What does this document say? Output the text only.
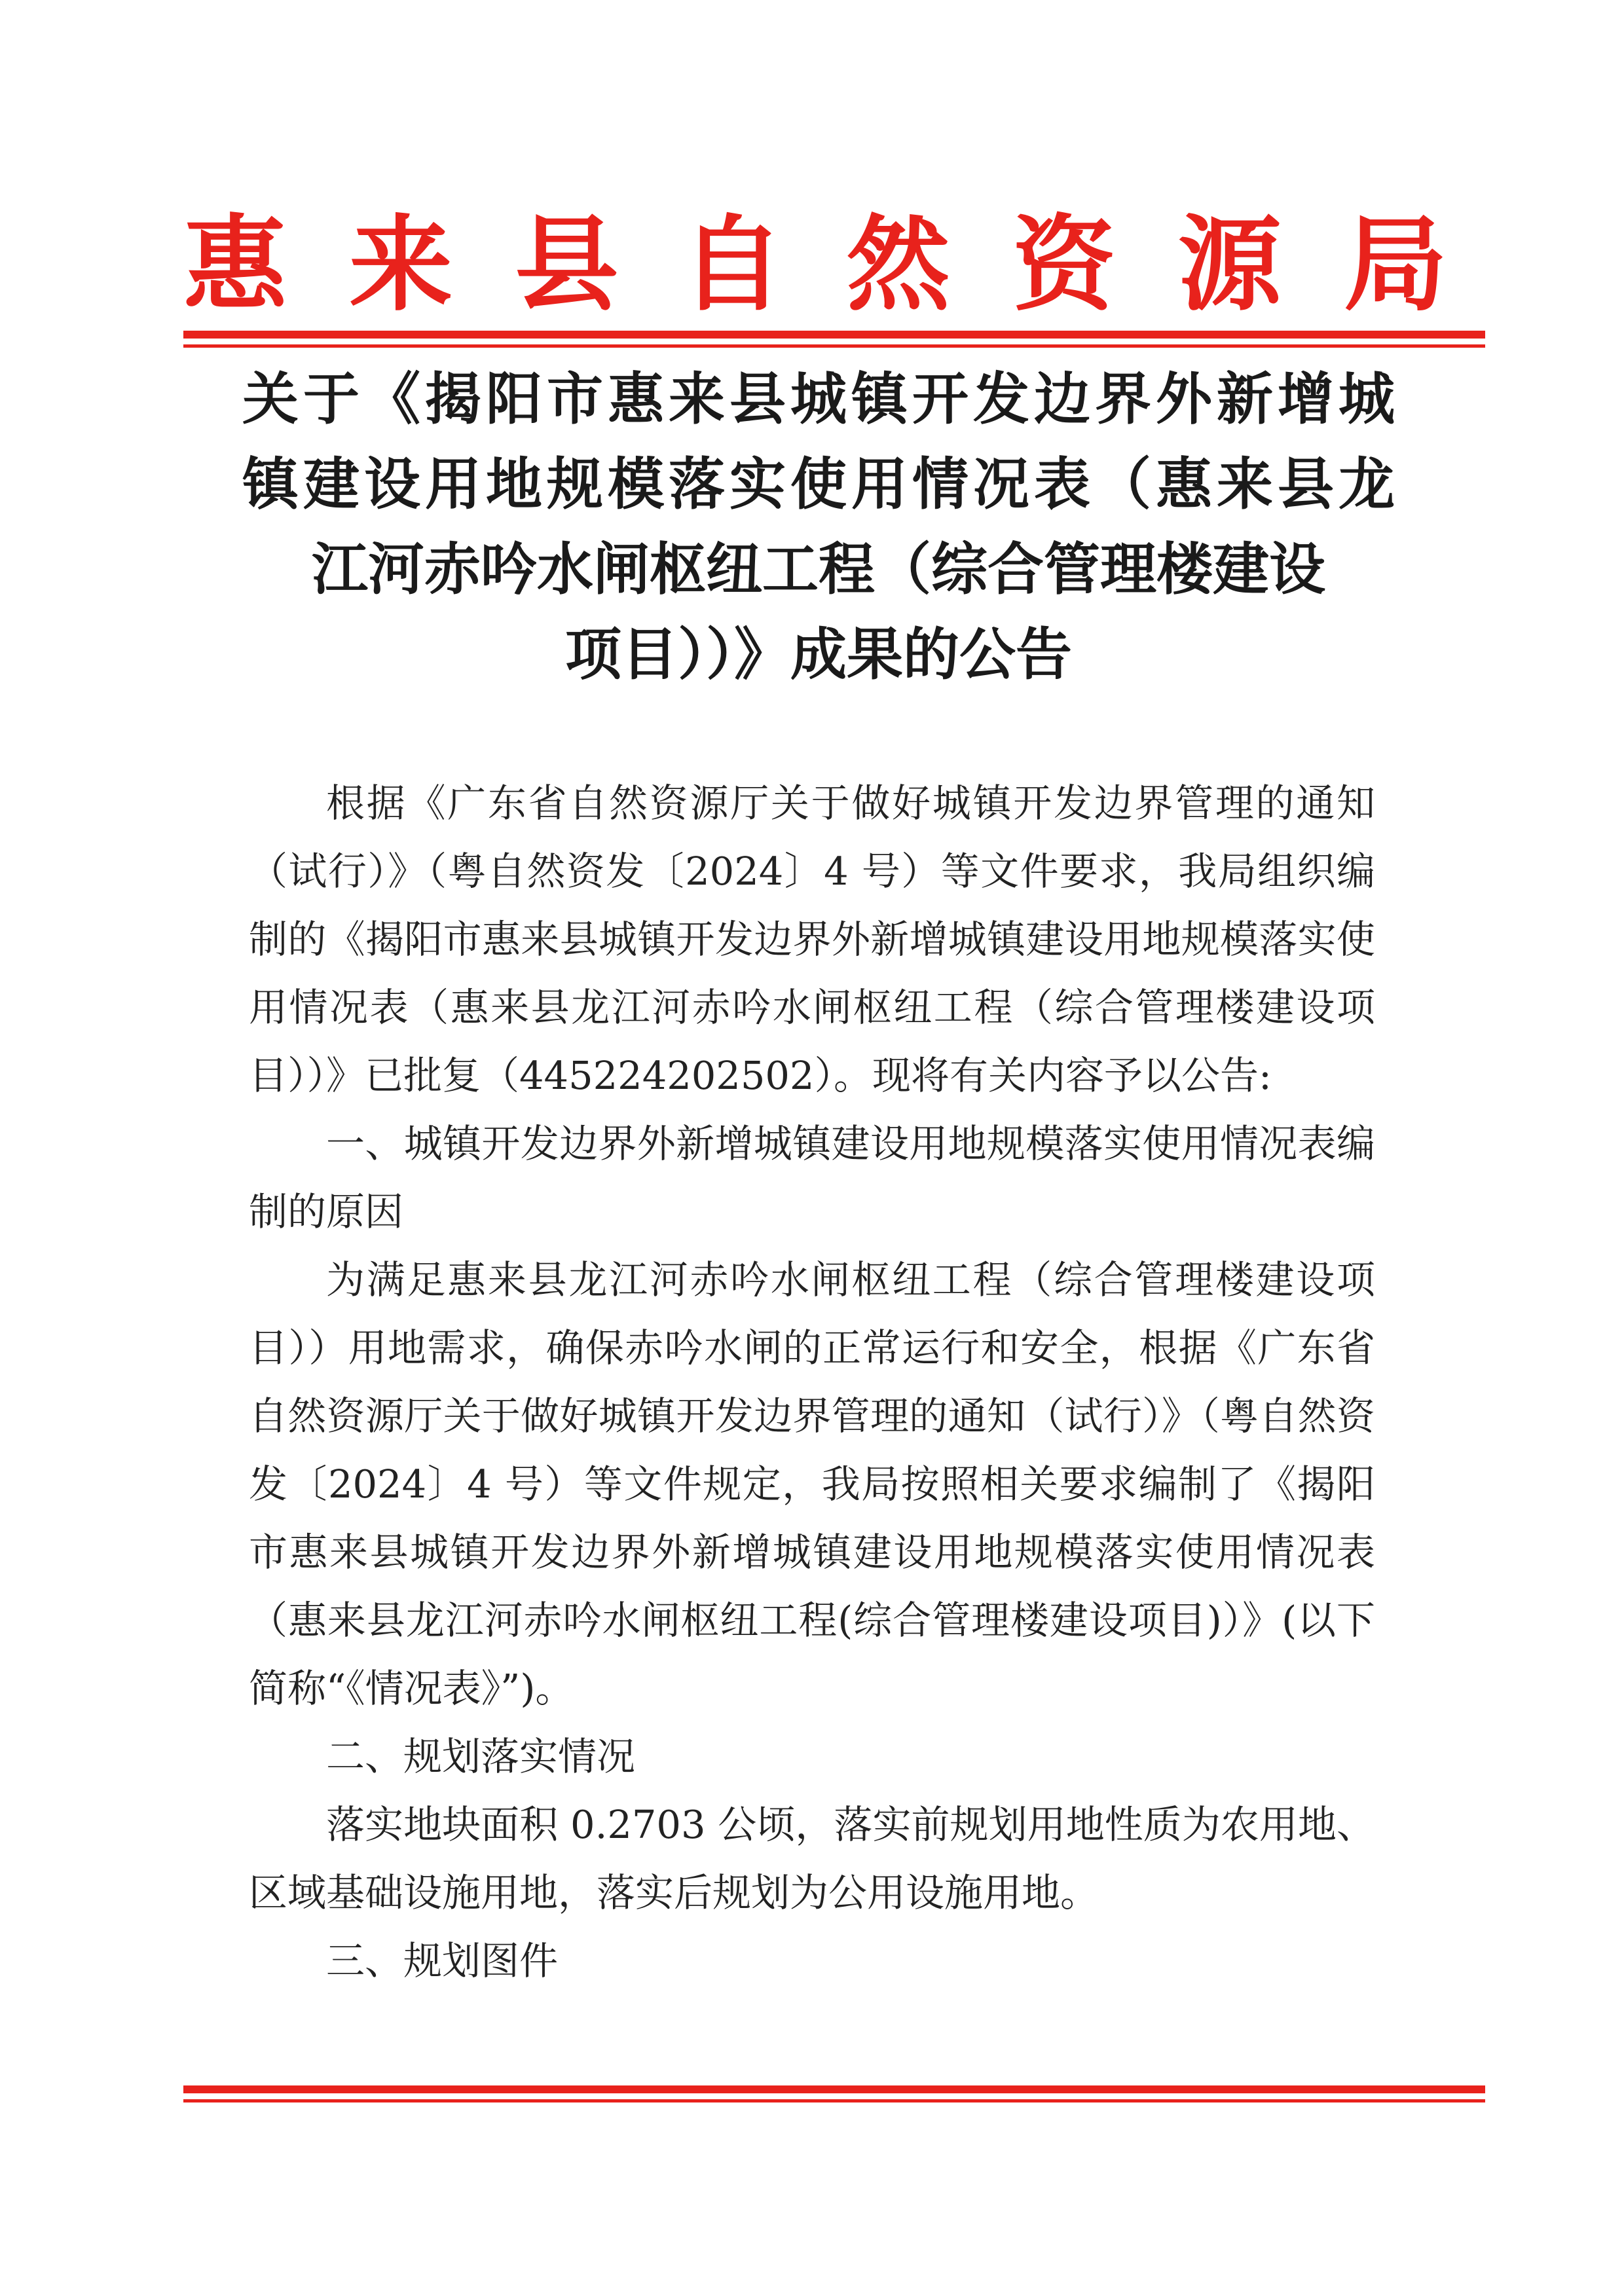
惠 来 县 自 然 资 源 局
关于《揭阳市惠来县城镇开发边界外新增城
镇建设用地规模落实使用情况表（惠来县龙
江河赤吟水闸枢纽工程（综合管理楼建设
项目））》成果的公告

根据《广东省自然资源厅关于做好城镇开发边界管理的通知（试行）》（粤自然资发〔2024〕4 号）等文件要求，我局组织编制的《揭阳市惠来县城镇开发边界外新增城镇建设用地规模落实使用情况表（惠来县龙江河赤吟水闸枢纽工程（综合管理楼建设项目））》已批复（445224202502）。现将有关内容予以公告:

一、城镇开发边界外新增城镇建设用地规模落实使用情况表编制的原因

为满足惠来县龙江河赤吟水闸枢纽工程（综合管理楼建设项目））用地需求，确保赤吟水闸的正常运行和安全，根据《广东省自然资源厅关于做好城镇开发边界管理的通知（试行）》（粤自然资发〔2024〕4 号）等文件规定，我局按照相关要求编制了《揭阳市惠来县城镇开发边界外新增城镇建设用地规模落实使用情况表（惠来县龙江河赤吟水闸枢纽工程(综合管理楼建设项目)）》(以下简称“《情况表》”)。

二、规划落实情况

落实地块面积 0.2703 公顷，落实前规划用地性质为农用地、区域基础设施用地，落实后规划为公用设施用地。

三、规划图件
